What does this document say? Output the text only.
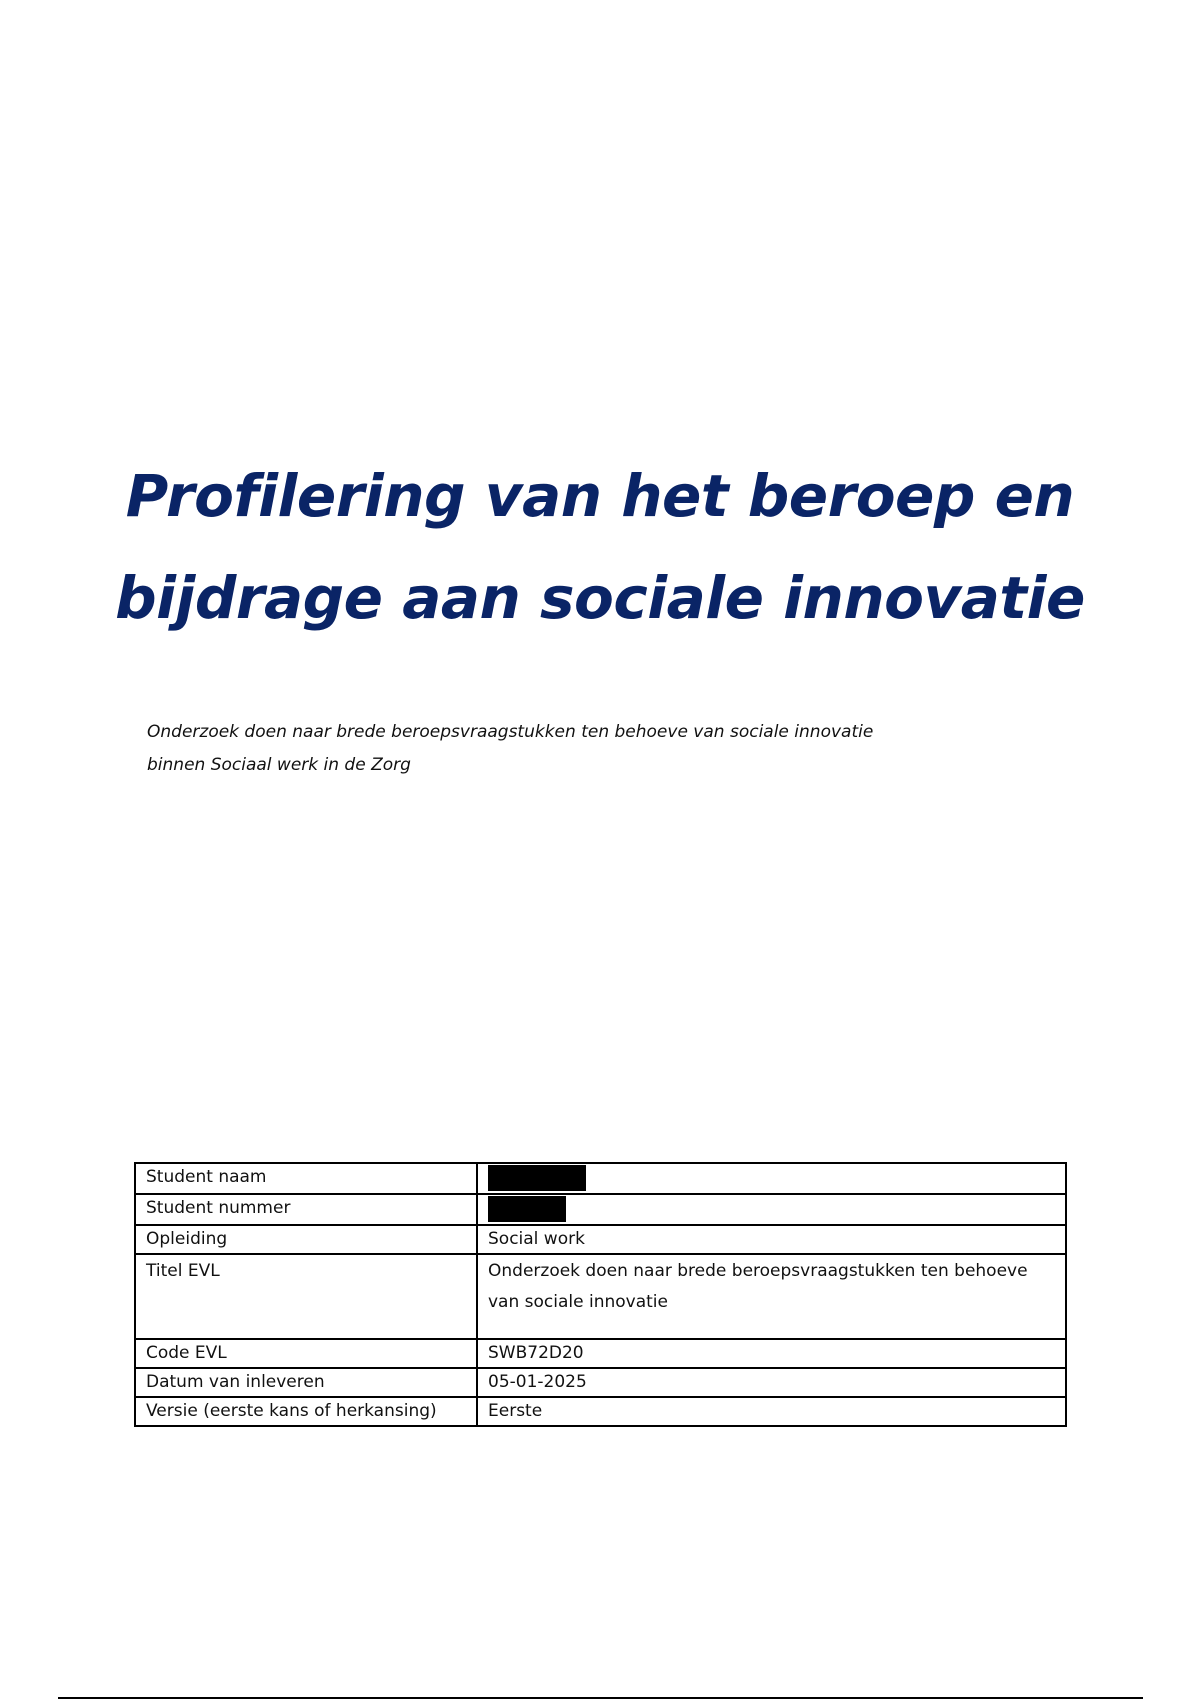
Profilering van het beroep en
bijdrage aan sociale innovatie
Onderzoek doen naar brede beroepsvraagstukken ten behoeve van sociale innovatie
binnen Sociaal werk in de Zorg
Student naam	
Student nummer	
Opleiding	Social work
Titel EVL	Onderzoek doen naar brede beroepsvraagstukken ten behoeve van sociale innovatie
Code EVL	SWB72D20
Datum van inleveren	05-01-2025
Versie (eerste kans of herkansing)	Eerste
